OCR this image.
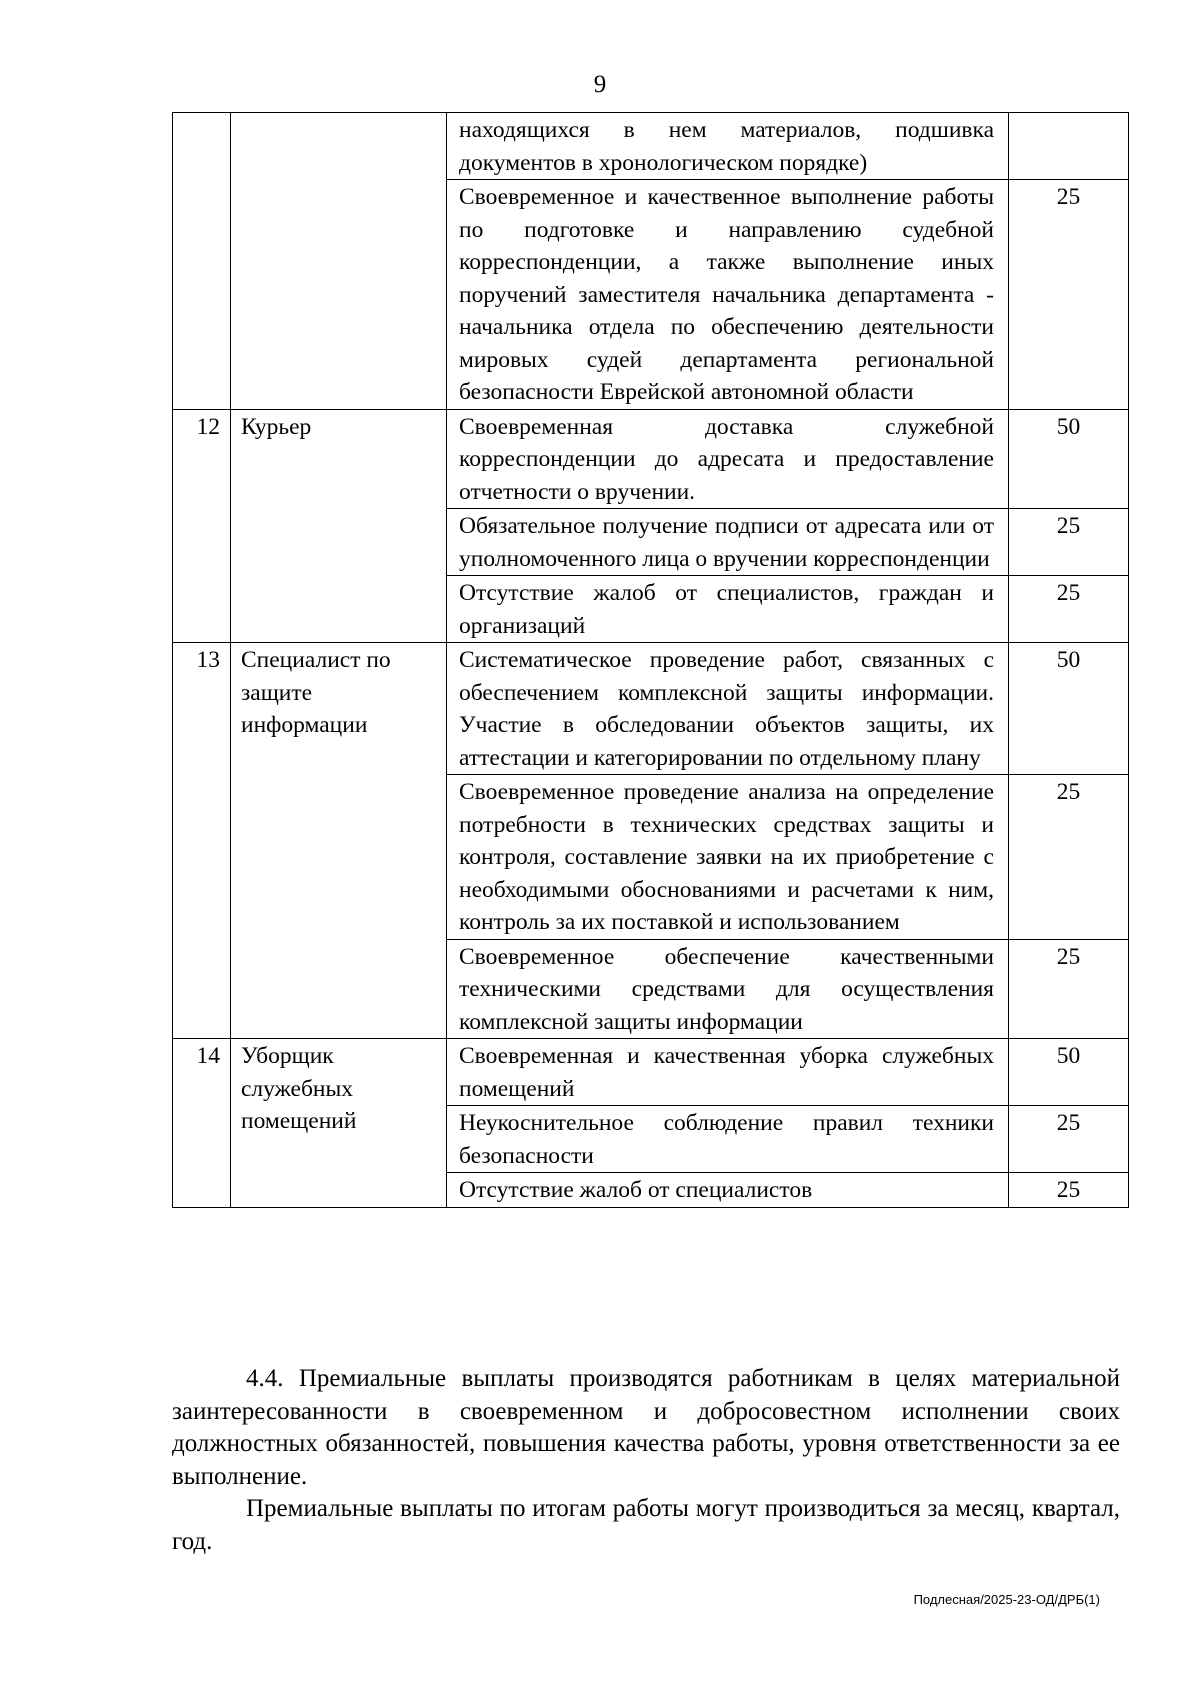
9
		находящихся в нем материалов, подшивка документов в хронологическом порядке)	
		Своевременное и качественное выполнение работы по подготовке и направлению судебной корреспонденции, а также выполнение иных поручений заместителя начальника департамента - начальника отдела по обеспечению деятельности мировых судей департамента региональной безопасности Еврейской автономной области	25
12	Курьер	Своевременная доставка служебной корреспонденции до адресата и предоставление отчетности о вручении.	50
		Обязательное получение подписи от адресата или от уполномоченного лица о вручении корреспонденции	25
		Отсутствие жалоб от специалистов, граждан и организаций	25
13	Специалист по защите информации	Систематическое проведение работ, связанных с обеспечением комплексной защиты информации. Участие в обследовании объектов защиты, их аттестации и категорировании по отдельному плану	50
		Своевременное проведение анализа на определение потребности в технических средствах защиты и контроля, составление заявки на их приобретение с необходимыми обоснованиями и расчетами к ним, контроль за их поставкой и использованием	25
		Своевременное обеспечение качественными техническими средствами для осуществления комплексной защиты информации	25
14	Уборщик служебных помещений	Своевременная и качественная уборка служебных помещений	50
		Неукоснительное соблюдение правил техники безопасности	25
		Отсутствие жалоб от специалистов	25

4.4. Премиальные выплаты производятся работникам в целях материальной заинтересованности в своевременном и добросовестном исполнении своих должностных обязанностей, повышения качества работы, уровня ответственности за ее выполнение.

Премиальные выплаты по итогам работы могут производиться за месяц, квартал, год.

Подлесная/2025-23-ОД/ДРБ(1)
